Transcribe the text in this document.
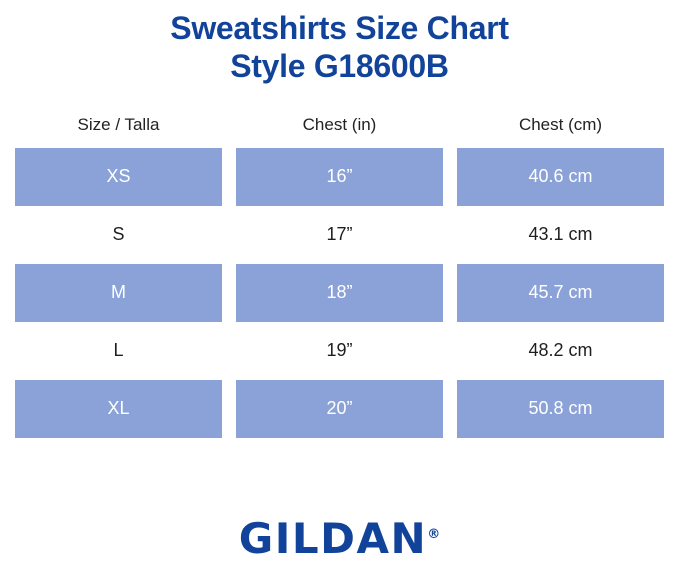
Sweatshirts Size Chart
Style G18600B
Size / Talla	Chest (in)	Chest (cm)
XS	16”	40.6 cm
S	17”	43.1 cm
M	18”	45.7 cm
L	19”	48.2 cm
XL	20”	50.8 cm
GILDAN®
